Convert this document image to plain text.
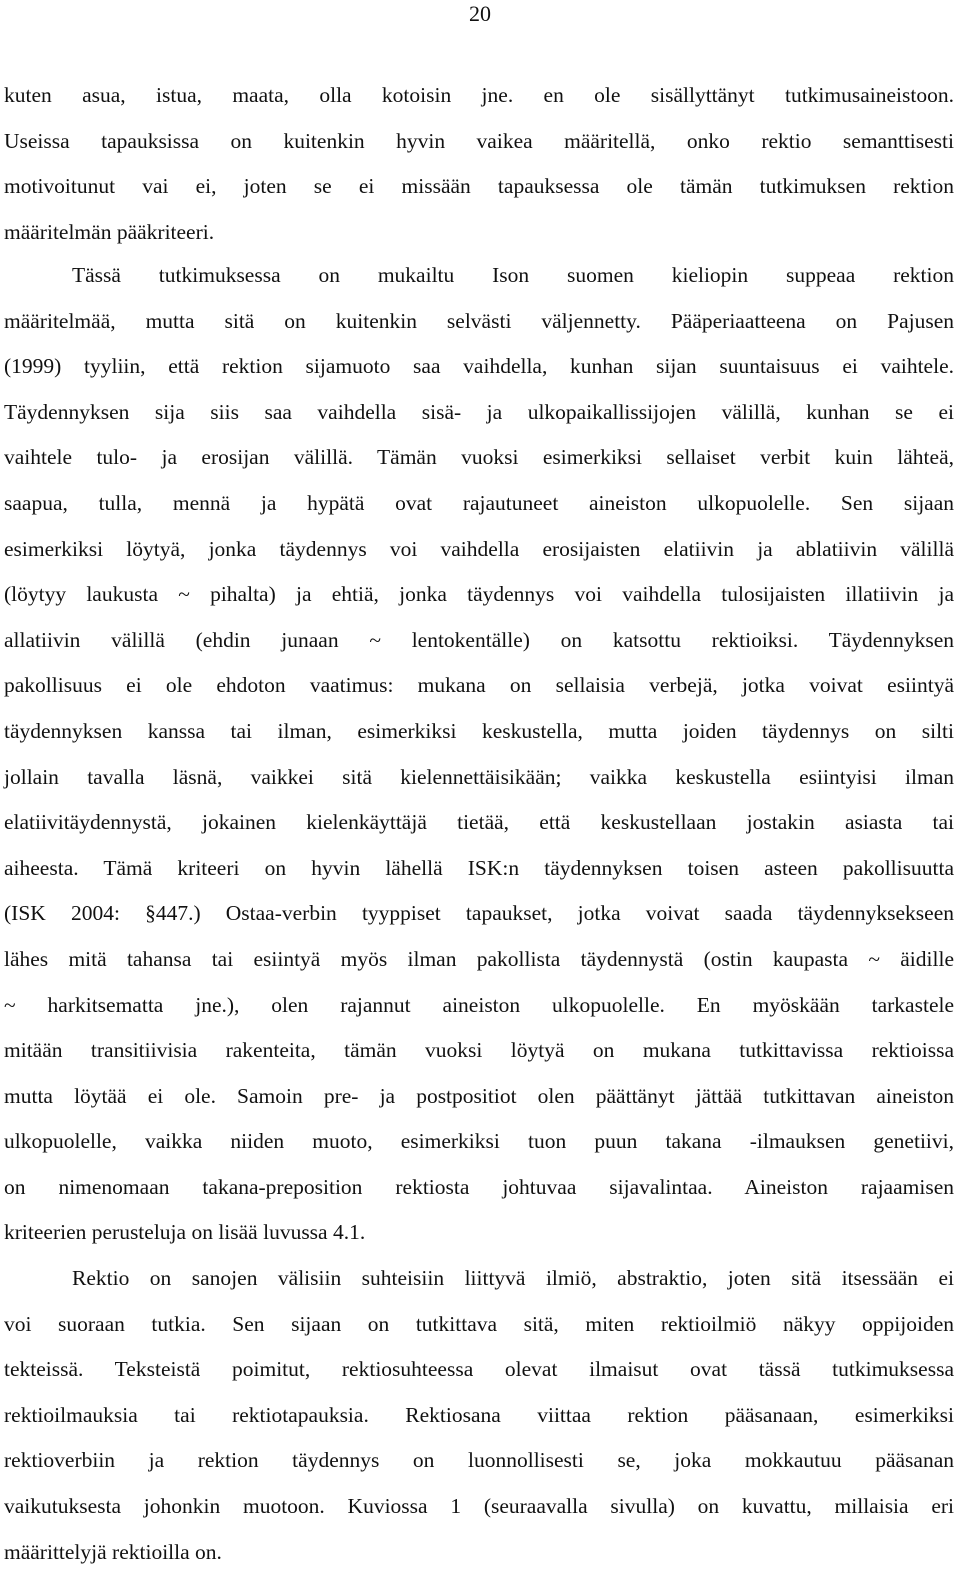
20
kuten asua, istua, maata, olla kotoisin jne. en ole sisällyttänyt tutkimusaineistoon.
Useissa tapauksissa on kuitenkin hyvin vaikea määritellä, onko rektio semanttisesti
motivoitunut vai ei, joten se ei missään tapauksessa ole tämän tutkimuksen rektion
määritelmän pääkriteeri.
Tässä tutkimuksessa on mukailtu Ison suomen kieliopin suppeaa rektion
määritelmää, mutta sitä on kuitenkin selvästi väljennetty. Pääperiaatteena on Pajusen
(1999) tyyliin, että rektion sijamuoto saa vaihdella, kunhan sijan suuntaisuus ei vaihtele.
Täydennyksen sija siis saa vaihdella sisä- ja ulkopaikallissijojen välillä, kunhan se ei
vaihtele tulo- ja erosijan välillä. Tämän vuoksi esimerkiksi sellaiset verbit kuin lähteä,
saapua, tulla, mennä ja hypätä ovat rajautuneet aineiston ulkopuolelle. Sen sijaan
esimerkiksi löytyä, jonka täydennys voi vaihdella erosijaisten elatiivin ja ablatiivin välillä
(löytyy laukusta ~ pihalta) ja ehtiä, jonka täydennys voi vaihdella tulosijaisten illatiivin ja
allatiivin välillä (ehdin junaan ~ lentokentälle) on katsottu rektioiksi. Täydennyksen
pakollisuus ei ole ehdoton vaatimus: mukana on sellaisia verbejä, jotka voivat esiintyä
täydennyksen kanssa tai ilman, esimerkiksi keskustella, mutta joiden täydennys on silti
jollain tavalla läsnä, vaikkei sitä kielennettäisikään; vaikka keskustella esiintyisi ilman
elatiivitäydennystä, jokainen kielenkäyttäjä tietää, että keskustellaan jostakin asiasta tai
aiheesta. Tämä kriteeri on hyvin lähellä ISK:n täydennyksen toisen asteen pakollisuutta
(ISK 2004: §447.) Ostaa-verbin tyyppiset tapaukset, jotka voivat saada täydennyksekseen
lähes mitä tahansa tai esiintyä myös ilman pakollista täydennystä (ostin kaupasta ~ äidille
~ harkitsematta jne.), olen rajannut aineiston ulkopuolelle. En myöskään tarkastele
mitään transitiivisia rakenteita, tämän vuoksi löytyä on mukana tutkittavissa rektioissa
mutta löytää ei ole. Samoin pre- ja postpositiot olen päättänyt jättää tutkittavan aineiston
ulkopuolelle, vaikka niiden muoto, esimerkiksi tuon puun takana -ilmauksen genetiivi,
on nimenomaan takana-preposition rektiosta johtuvaa sijavalintaa. Aineiston rajaamisen
kriteerien perusteluja on lisää luvussa 4.1.
Rektio on sanojen välisiin suhteisiin liittyvä ilmiö, abstraktio, joten sitä itsessään ei
voi suoraan tutkia. Sen sijaan on tutkittava sitä, miten rektioilmiö näkyy oppijoiden
tekteissä. Teksteistä poimitut, rektiosuhteessa olevat ilmaisut ovat tässä tutkimuksessa
rektioilmauksia tai rektiotapauksia. Rektiosana viittaa rektion pääsanaan, esimerkiksi
rektioverbiin ja rektion täydennys on luonnollisesti se, joka mokkautuu pääsanan
vaikutuksesta johonkin muotoon. Kuviossa 1 (seuraavalla sivulla) on kuvattu, millaisia eri
määrittelyjä rektioilla on.
